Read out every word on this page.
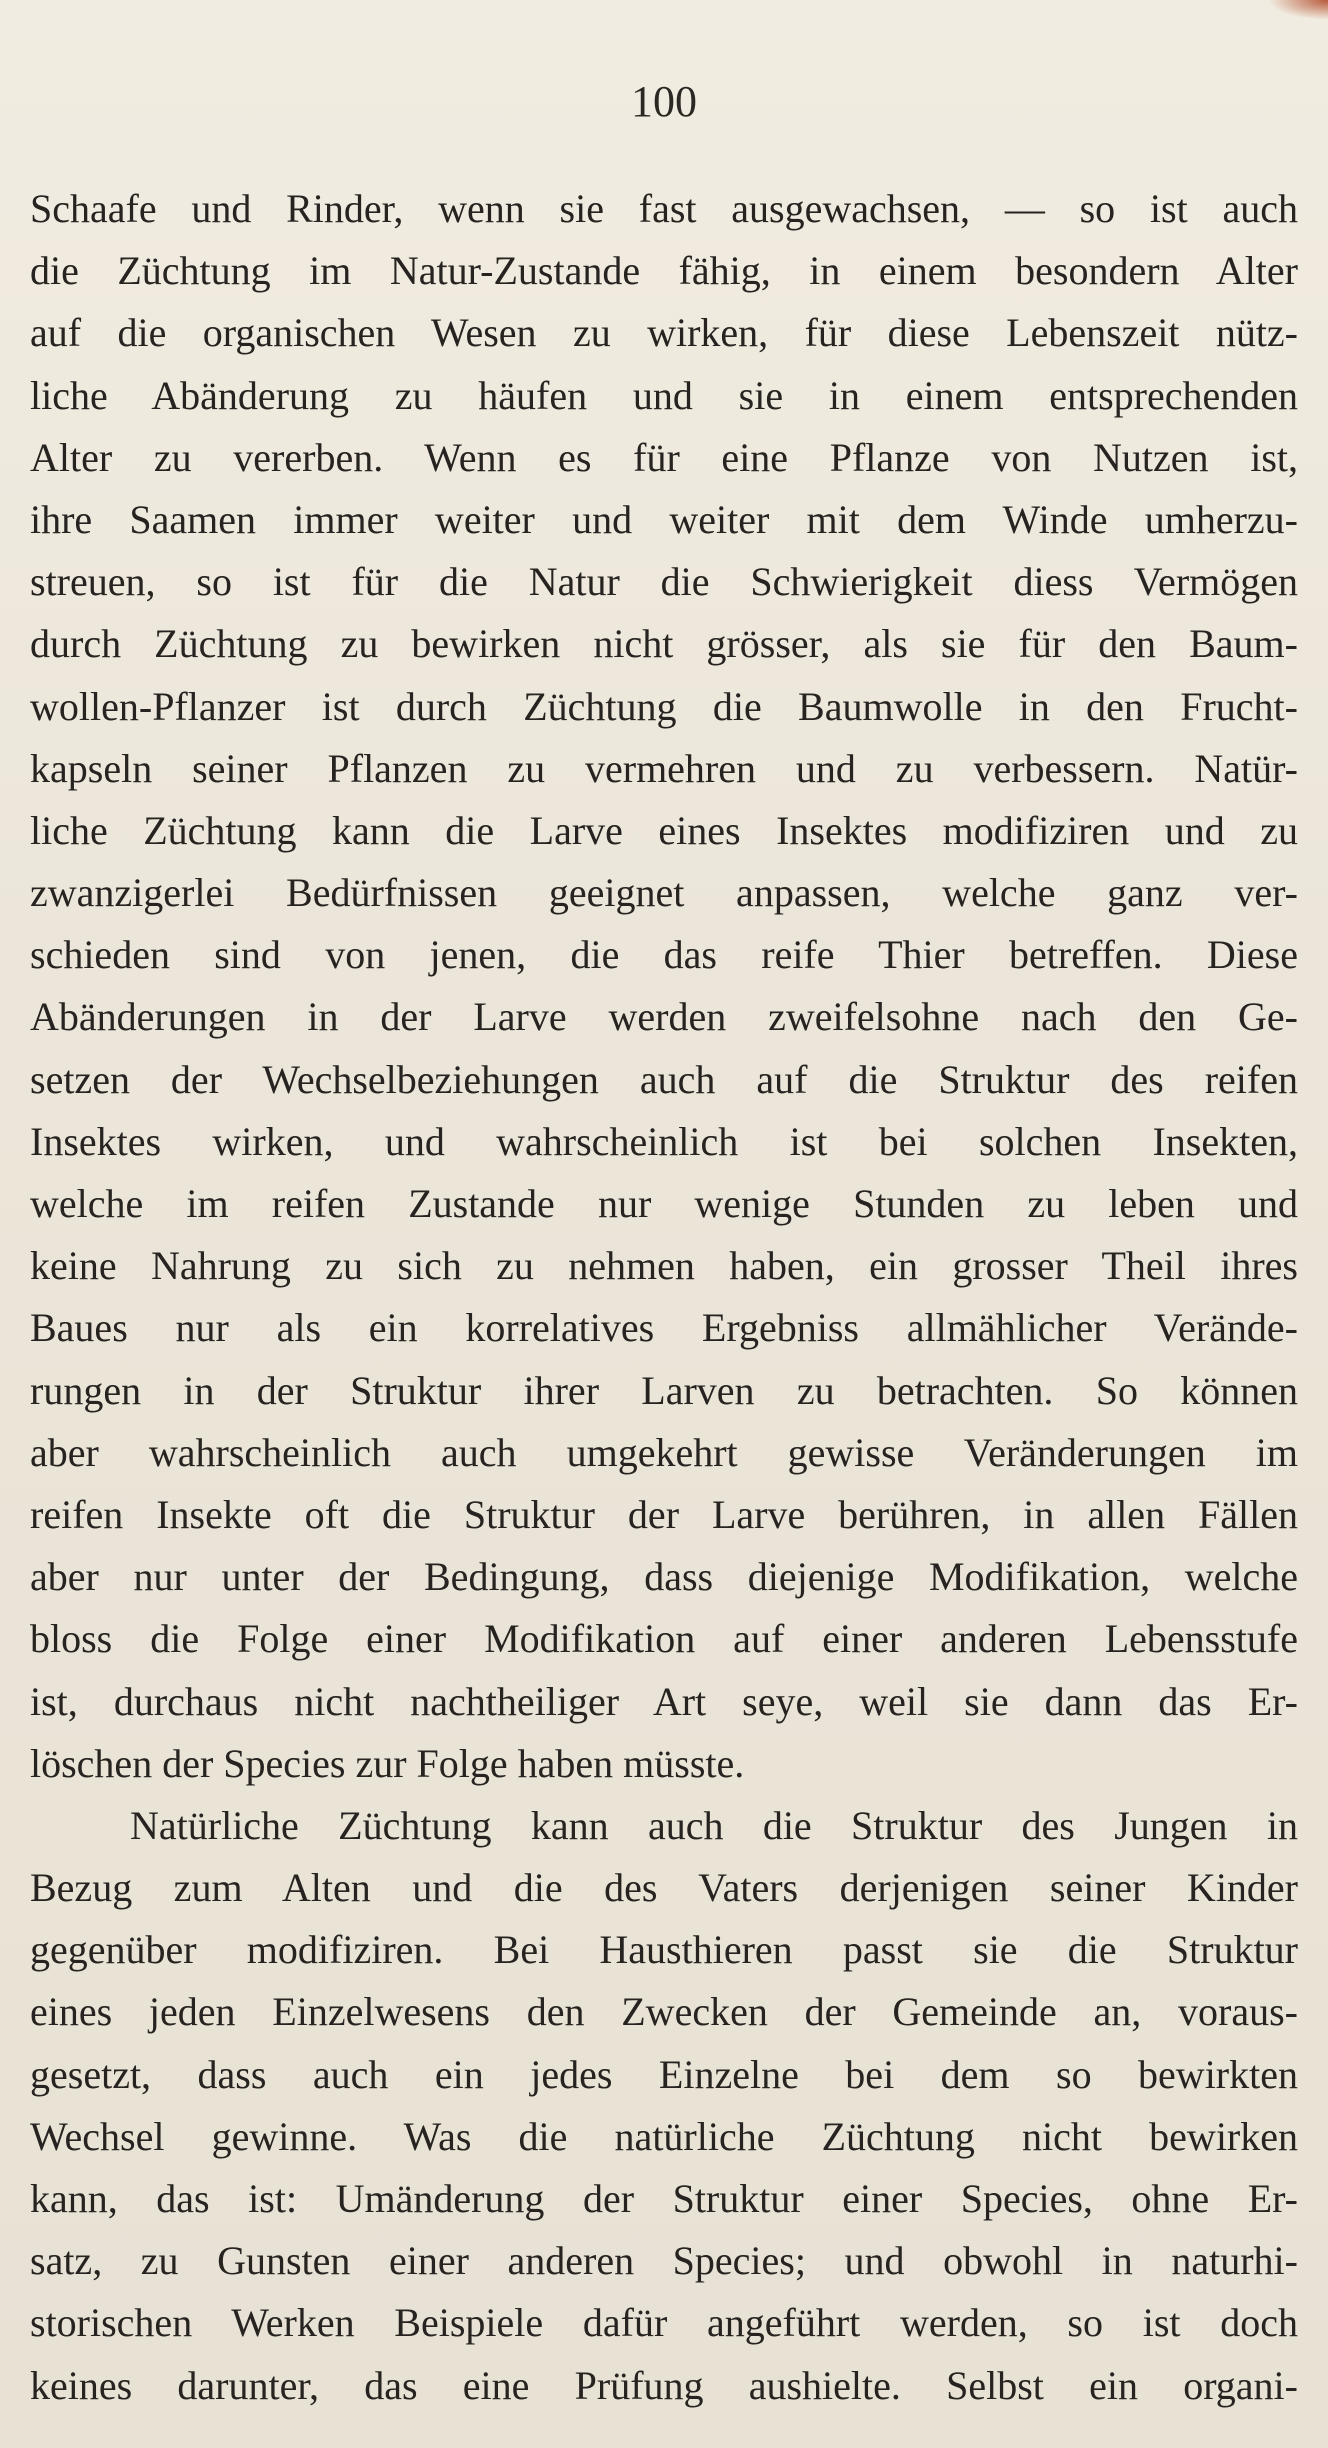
100
Schaafe und Rinder, wenn sie fast ausgewachsen, — so ist auch
die Züchtung im Natur-Zustande fähig, in einem besondern Alter
auf die organischen Wesen zu wirken, für diese Lebenszeit nütz-
liche Abänderung zu häufen und sie in einem entsprechenden
Alter zu vererben. Wenn es für eine Pflanze von Nutzen ist,
ihre Saamen immer weiter und weiter mit dem Winde umherzu-
streuen, so ist für die Natur die Schwierigkeit diess Vermögen
durch Züchtung zu bewirken nicht grösser, als sie für den Baum-
wollen-Pflanzer ist durch Züchtung die Baumwolle in den Frucht-
kapseln seiner Pflanzen zu vermehren und zu verbessern. Natür-
liche Züchtung kann die Larve eines Insektes modifiziren und zu
zwanzigerlei Bedürfnissen geeignet anpassen, welche ganz ver-
schieden sind von jenen, die das reife Thier betreffen. Diese
Abänderungen in der Larve werden zweifelsohne nach den Ge-
setzen der Wechselbeziehungen auch auf die Struktur des reifen
Insektes wirken, und wahrscheinlich ist bei solchen Insekten,
welche im reifen Zustande nur wenige Stunden zu leben und
keine Nahrung zu sich zu nehmen haben, ein grosser Theil ihres
Baues nur als ein korrelatives Ergebniss allmählicher Verände-
rungen in der Struktur ihrer Larven zu betrachten. So können
aber wahrscheinlich auch umgekehrt gewisse Veränderungen im
reifen Insekte oft die Struktur der Larve berühren, in allen Fällen
aber nur unter der Bedingung, dass diejenige Modifikation, welche
bloss die Folge einer Modifikation auf einer anderen Lebensstufe
ist, durchaus nicht nachtheiliger Art seye, weil sie dann das Er-
löschen der Species zur Folge haben müsste.
Natürliche Züchtung kann auch die Struktur des Jungen in
Bezug zum Alten und die des Vaters derjenigen seiner Kinder
gegenüber modifiziren. Bei Hausthieren passt sie die Struktur
eines jeden Einzelwesens den Zwecken der Gemeinde an, voraus-
gesetzt, dass auch ein jedes Einzelne bei dem so bewirkten
Wechsel gewinne. Was die natürliche Züchtung nicht bewirken
kann, das ist: Umänderung der Struktur einer Species, ohne Er-
satz, zu Gunsten einer anderen Species; und obwohl in naturhi-
storischen Werken Beispiele dafür angeführt werden, so ist doch
keines darunter, das eine Prüfung aushielte. Selbst ein organi-
